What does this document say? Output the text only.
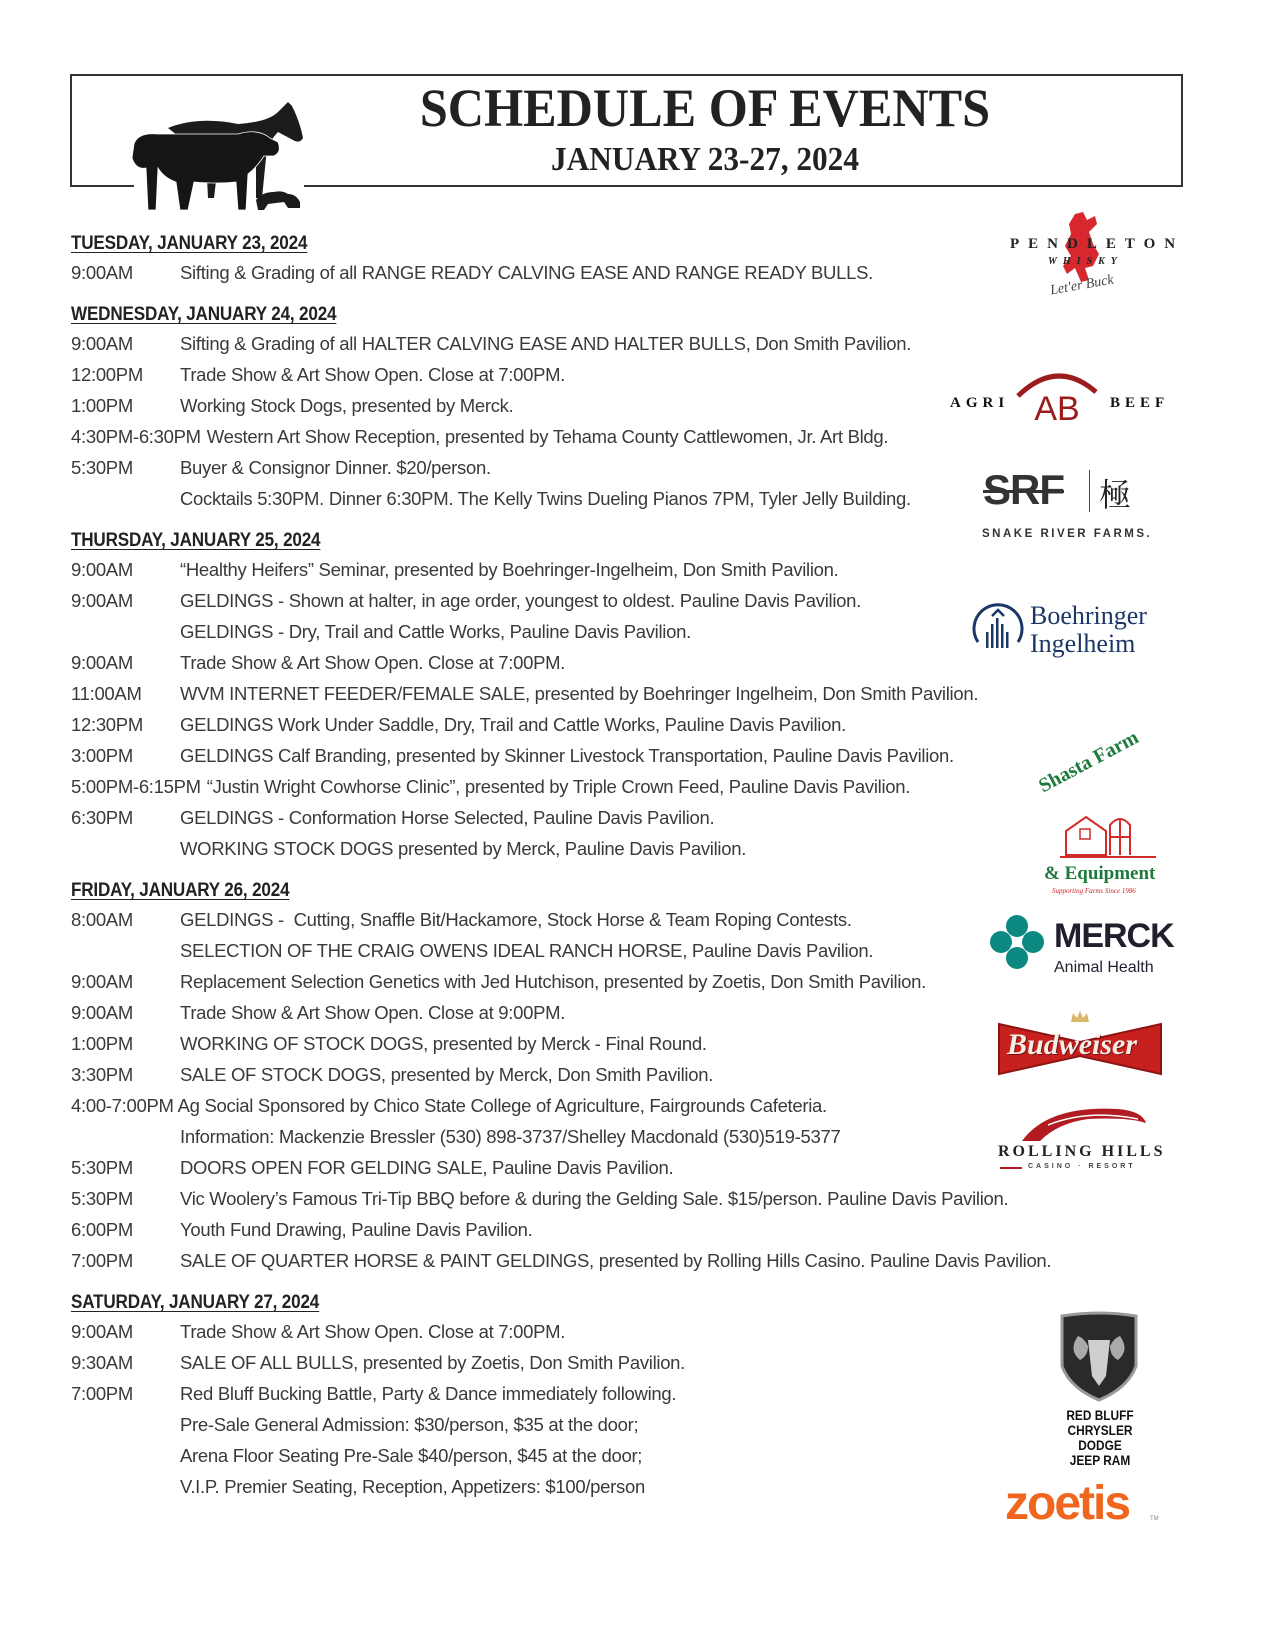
SCHEDULE OF EVENTS
JANUARY 23-27, 2024
TUESDAY, JANUARY 23, 2024
9:00AM	Sifting & Grading of all RANGE READY CALVING EASE AND RANGE READY BULLS.
WEDNESDAY, JANUARY 24, 2024
9:00AM	Sifting & Grading of all HALTER CALVING EASE AND HALTER BULLS, Don Smith Pavilion.
12:00PM	Trade Show & Art Show Open. Close at 7:00PM.
1:00PM	Working Stock Dogs, presented by Merck.
4:30PM-6:30PM Western Art Show Reception, presented by Tehama County Cattlewomen, Jr. Art Bldg.
5:30PM	Buyer & Consignor Dinner. $20/person.
Cocktails 5:30PM. Dinner 6:30PM. The Kelly Twins Dueling Pianos 7PM, Tyler Jelly Building.
THURSDAY, JANUARY 25, 2024
9:00AM	“Healthy Heifers” Seminar, presented by Boehringer-Ingelheim, Don Smith Pavilion.
9:00AM	GELDINGS - Shown at halter, in age order, youngest to oldest. Pauline Davis Pavilion.
GELDINGS - Dry, Trail and Cattle Works, Pauline Davis Pavilion.
9:00AM	Trade Show & Art Show Open. Close at 7:00PM.
11:00AM	WVM INTERNET FEEDER/FEMALE SALE, presented by Boehringer Ingelheim, Don Smith Pavilion.
12:30PM	GELDINGS Work Under Saddle, Dry, Trail and Cattle Works, Pauline Davis Pavilion.
3:00PM	GELDINGS Calf Branding, presented by Skinner Livestock Transportation, Pauline Davis Pavilion.
5:00PM-6:15PM “Justin Wright Cowhorse Clinic”, presented by Triple Crown Feed, Pauline Davis Pavilion.
6:30PM	GELDINGS - Conformation Horse Selected, Pauline Davis Pavilion.
WORKING STOCK DOGS presented by Merck, Pauline Davis Pavilion.
FRIDAY, JANUARY 26, 2024
8:00AM	GELDINGS -  Cutting, Snaffle Bit/Hackamore, Stock Horse & Team Roping Contests.
SELECTION OF THE CRAIG OWENS IDEAL RANCH HORSE, Pauline Davis Pavilion.
9:00AM	Replacement Selection Genetics with Jed Hutchison, presented by Zoetis, Don Smith Pavilion.
9:00AM	Trade Show & Art Show Open. Close at 9:00PM.
1:00PM	WORKING OF STOCK DOGS, presented by Merck - Final Round.
3:30PM	SALE OF STOCK DOGS, presented by Merck, Don Smith Pavilion.
4:00-7:00PM Ag Social Sponsored by Chico State College of Agriculture, Fairgrounds Cafeteria.
Information: Mackenzie Bressler (530) 898-3737/Shelley Macdonald (530)519-5377
5:30PM	DOORS OPEN FOR GELDING SALE, Pauline Davis Pavilion.
5:30PM	Vic Woolery’s Famous Tri-Tip BBQ before & during the Gelding Sale. $15/person. Pauline Davis Pavilion.
6:00PM	Youth Fund Drawing, Pauline Davis Pavilion.
7:00PM	SALE OF QUARTER HORSE & PAINT GELDINGS, presented by Rolling Hills Casino. Pauline Davis Pavilion.
SATURDAY, JANUARY 27, 2024
9:00AM	Trade Show & Art Show Open. Close at 7:00PM.
9:30AM	SALE OF ALL BULLS, presented by Zoetis, Don Smith Pavilion.
7:00PM	Red Bluff Bucking Battle, Party & Dance immediately following.
Pre-Sale General Admission: $30/person, $35 at the door;
Arena Floor Seating Pre-Sale $40/person, $45 at the door;
V.I.P. Premier Seating, Reception, Appetizers: $100/person
PENDLETON
WHISKY
Let'er Buck
AB
AGRI	BEEF
SRF 極
SNAKE RIVER FARMS.
Boehringer
Ingelheim
Shasta Farm
& Equipment
Supporting Farms Since 1986
MERCK
Animal Health
Budweiser
ROLLING HILLS
CASINO · RESORT
RED BLUFF
CHRYSLER DODGE
JEEP RAM
zoetis	TM
